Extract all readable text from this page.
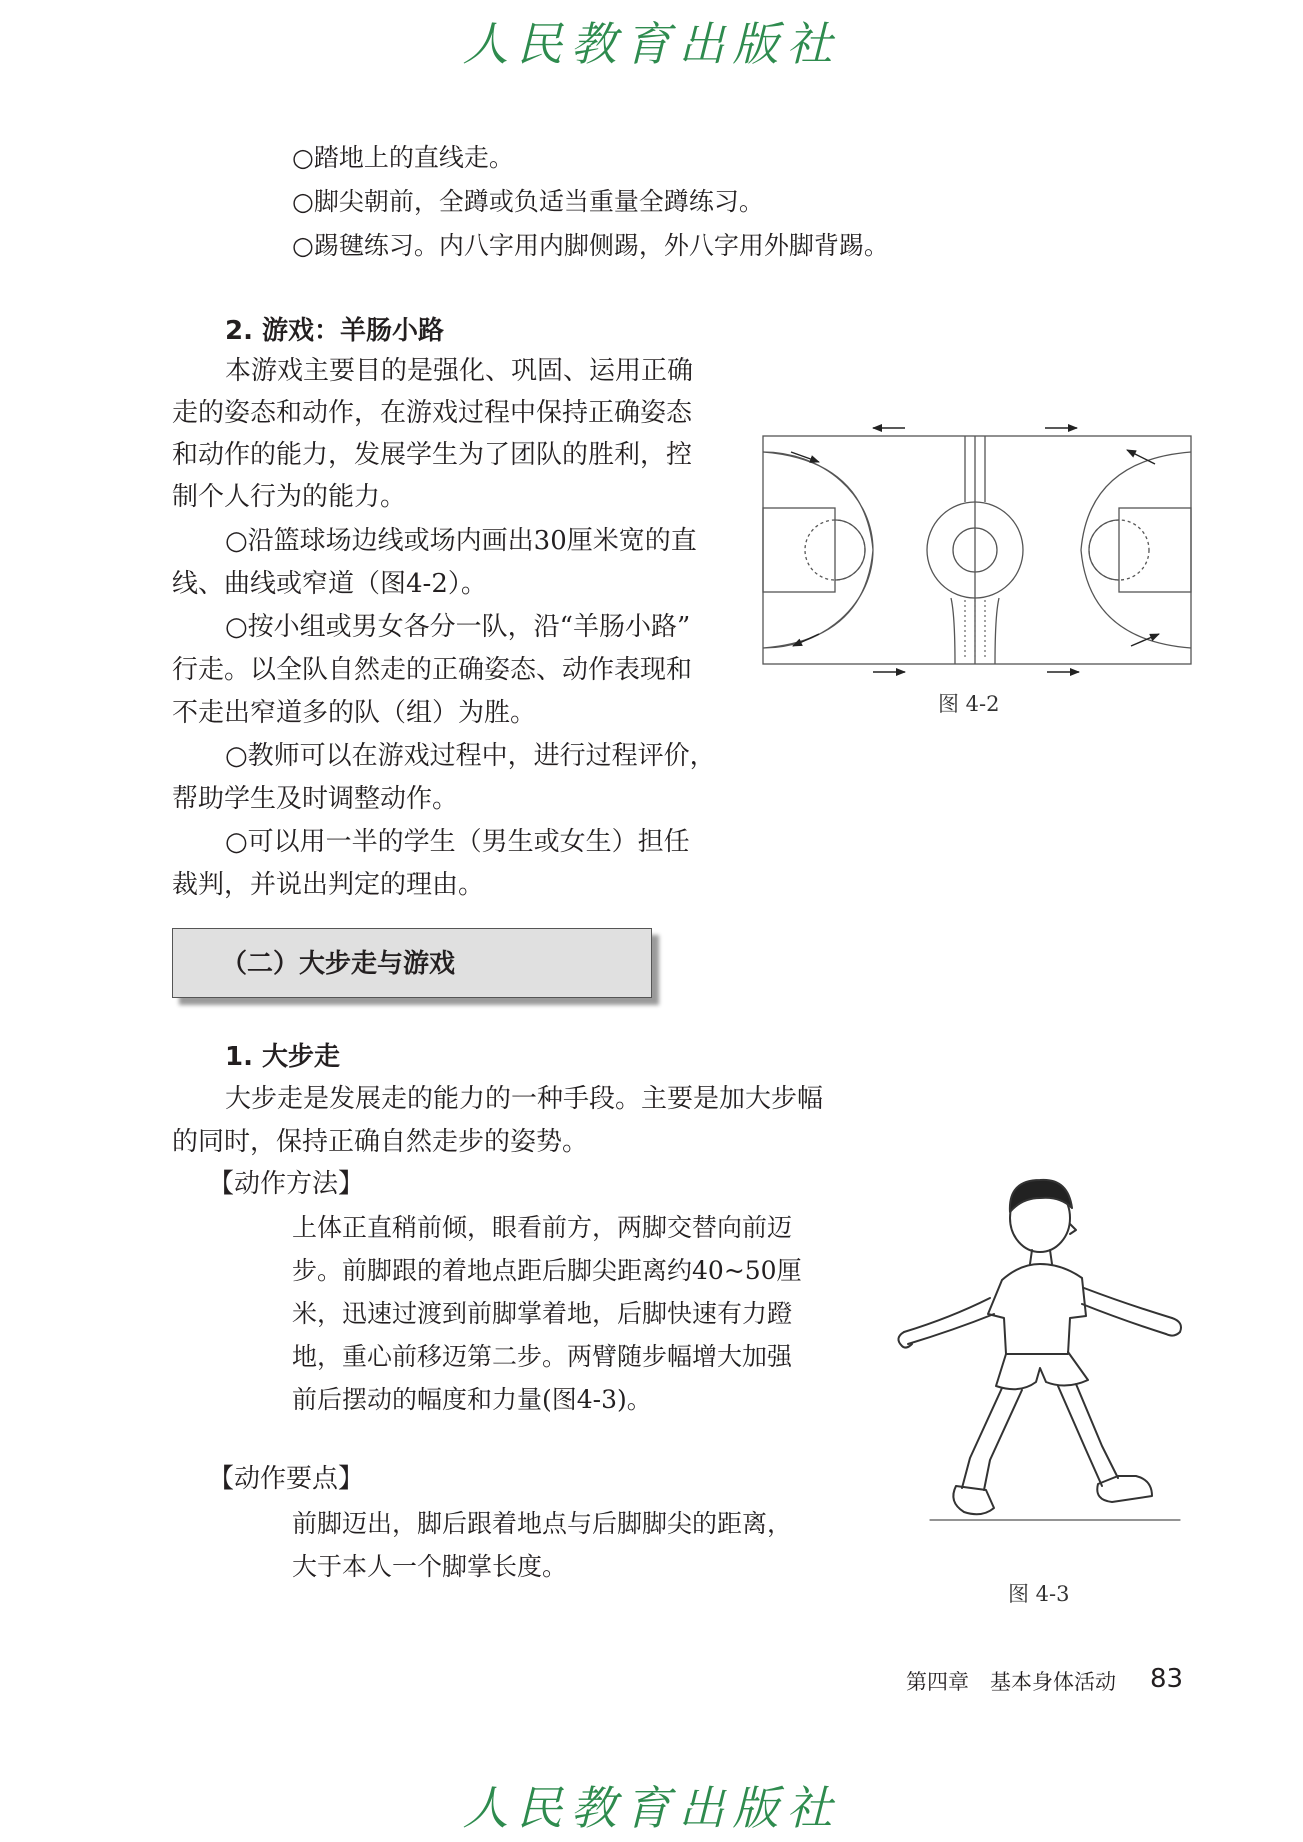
人民教育出版社
○踏地上的直线走。
○脚尖朝前，全蹲或负适当重量全蹲练习。
○踢毽练习。内八字用内脚侧踢，外八字用外脚背踢。
2. 游戏：羊肠小路
本游戏主要目的是强化、巩固、运用正确
走的姿态和动作，在游戏过程中保持正确姿态
和动作的能力，发展学生为了团队的胜利，控
制个人行为的能力。
○沿篮球场边线或场内画出30厘米宽的直
线、曲线或窄道（图4-2）。
○按小组或男女各分一队，沿“羊肠小路”
行走。以全队自然走的正确姿态、动作表现和
不走出窄道多的队（组）为胜。
○教师可以在游戏过程中，进行过程评价，
帮助学生及时调整动作。
○可以用一半的学生（男生或女生）担任
裁判，并说出判定的理由。
图 4-2
（二）大步走与游戏
1. 大步走
大步走是发展走的能力的一种手段。主要是加大步幅
的同时，保持正确自然走步的姿势。
【动作方法】
上体正直稍前倾，眼看前方，两脚交替向前迈
步。前脚跟的着地点距后脚尖距离约40~50厘
米，迅速过渡到前脚掌着地，后脚快速有力蹬
地，重心前移迈第二步。两臂随步幅增大加强
前后摆动的幅度和力量(图4-3)。
【动作要点】
前脚迈出，脚后跟着地点与后脚脚尖的距离，
大于本人一个脚掌长度。
图 4-3
第四章　基本身体活动 83
人民教育出版社
